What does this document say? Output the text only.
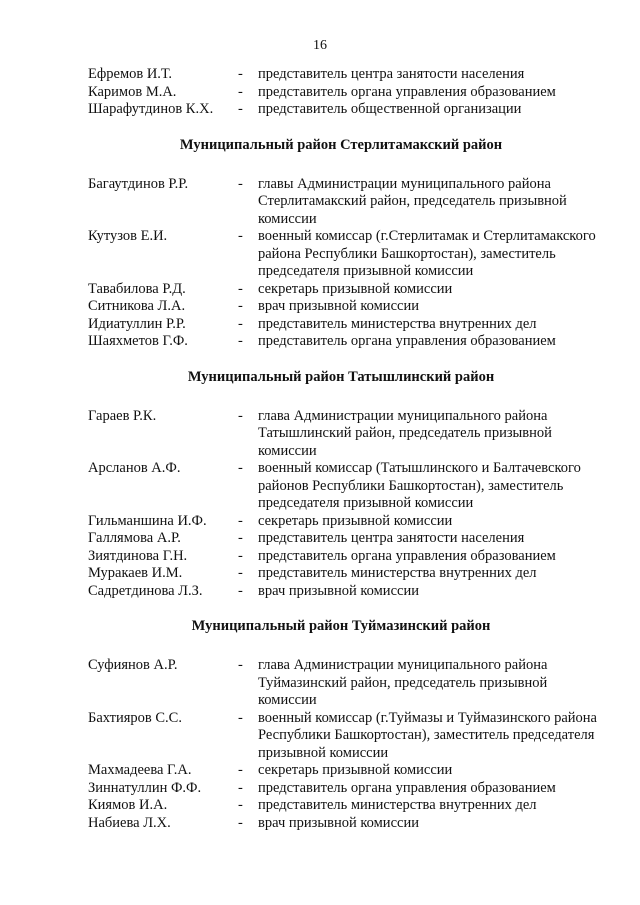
16
Ефремов И.Т.	-	представитель центра занятости населения
Каримов М.А.	-	представитель органа управления образованием
Шарафутдинов К.Х.	-	представитель общественной организации
Муниципальный район Стерлитамакский район
Багаутдинов Р.Р.	-	главы Администрации муниципального района Стерлитамакский район, председатель призывной комиссии
Кутузов Е.И.	-	военный комиссар (г.Стерлитамак и Стерлитамакского района Республики Башкортостан), заместитель председателя призывной комиссии
Тавабилова Р.Д.	-	секретарь призывной комиссии
Ситникова Л.А.	-	врач призывной комиссии
Идиатуллин Р.Р.	-	представитель министерства внутренних дел
Шаяхметов Г.Ф.	-	представитель органа управления образованием
Муниципальный район Татышлинский район
Гараев Р.К.	-	глава Администрации муниципального района Татышлинский район, председатель призывной комиссии
Арсланов А.Ф.	-	военный комиссар (Татышлинского и Балтачевского районов Республики Башкортостан), заместитель председателя призывной комиссии
Гильманшина И.Ф.	-	секретарь призывной комиссии
Галлямова А.Р.	-	представитель центра занятости населения
Зиятдинова Г.Н.	-	представитель органа управления образованием
Муракаев И.М.	-	представитель министерства внутренних дел
Садретдинова Л.З.	-	врач призывной комиссии
Муниципальный район Туймазинский район
Суфиянов А.Р.	-	глава Администрации муниципального района Туймазинский район, председатель призывной комиссии
Бахтияров С.С.	-	военный комиссар (г.Туймазы и Туймазинского района Республики Башкортостан), заместитель председателя призывной комиссии
Махмадеева Г.А.	-	секретарь призывной комиссии
Зиннатуллин Ф.Ф.	-	представитель органа управления образованием
Киямов И.А.	-	представитель министерства внутренних дел
Набиева Л.Х.	-	врач призывной комиссии
